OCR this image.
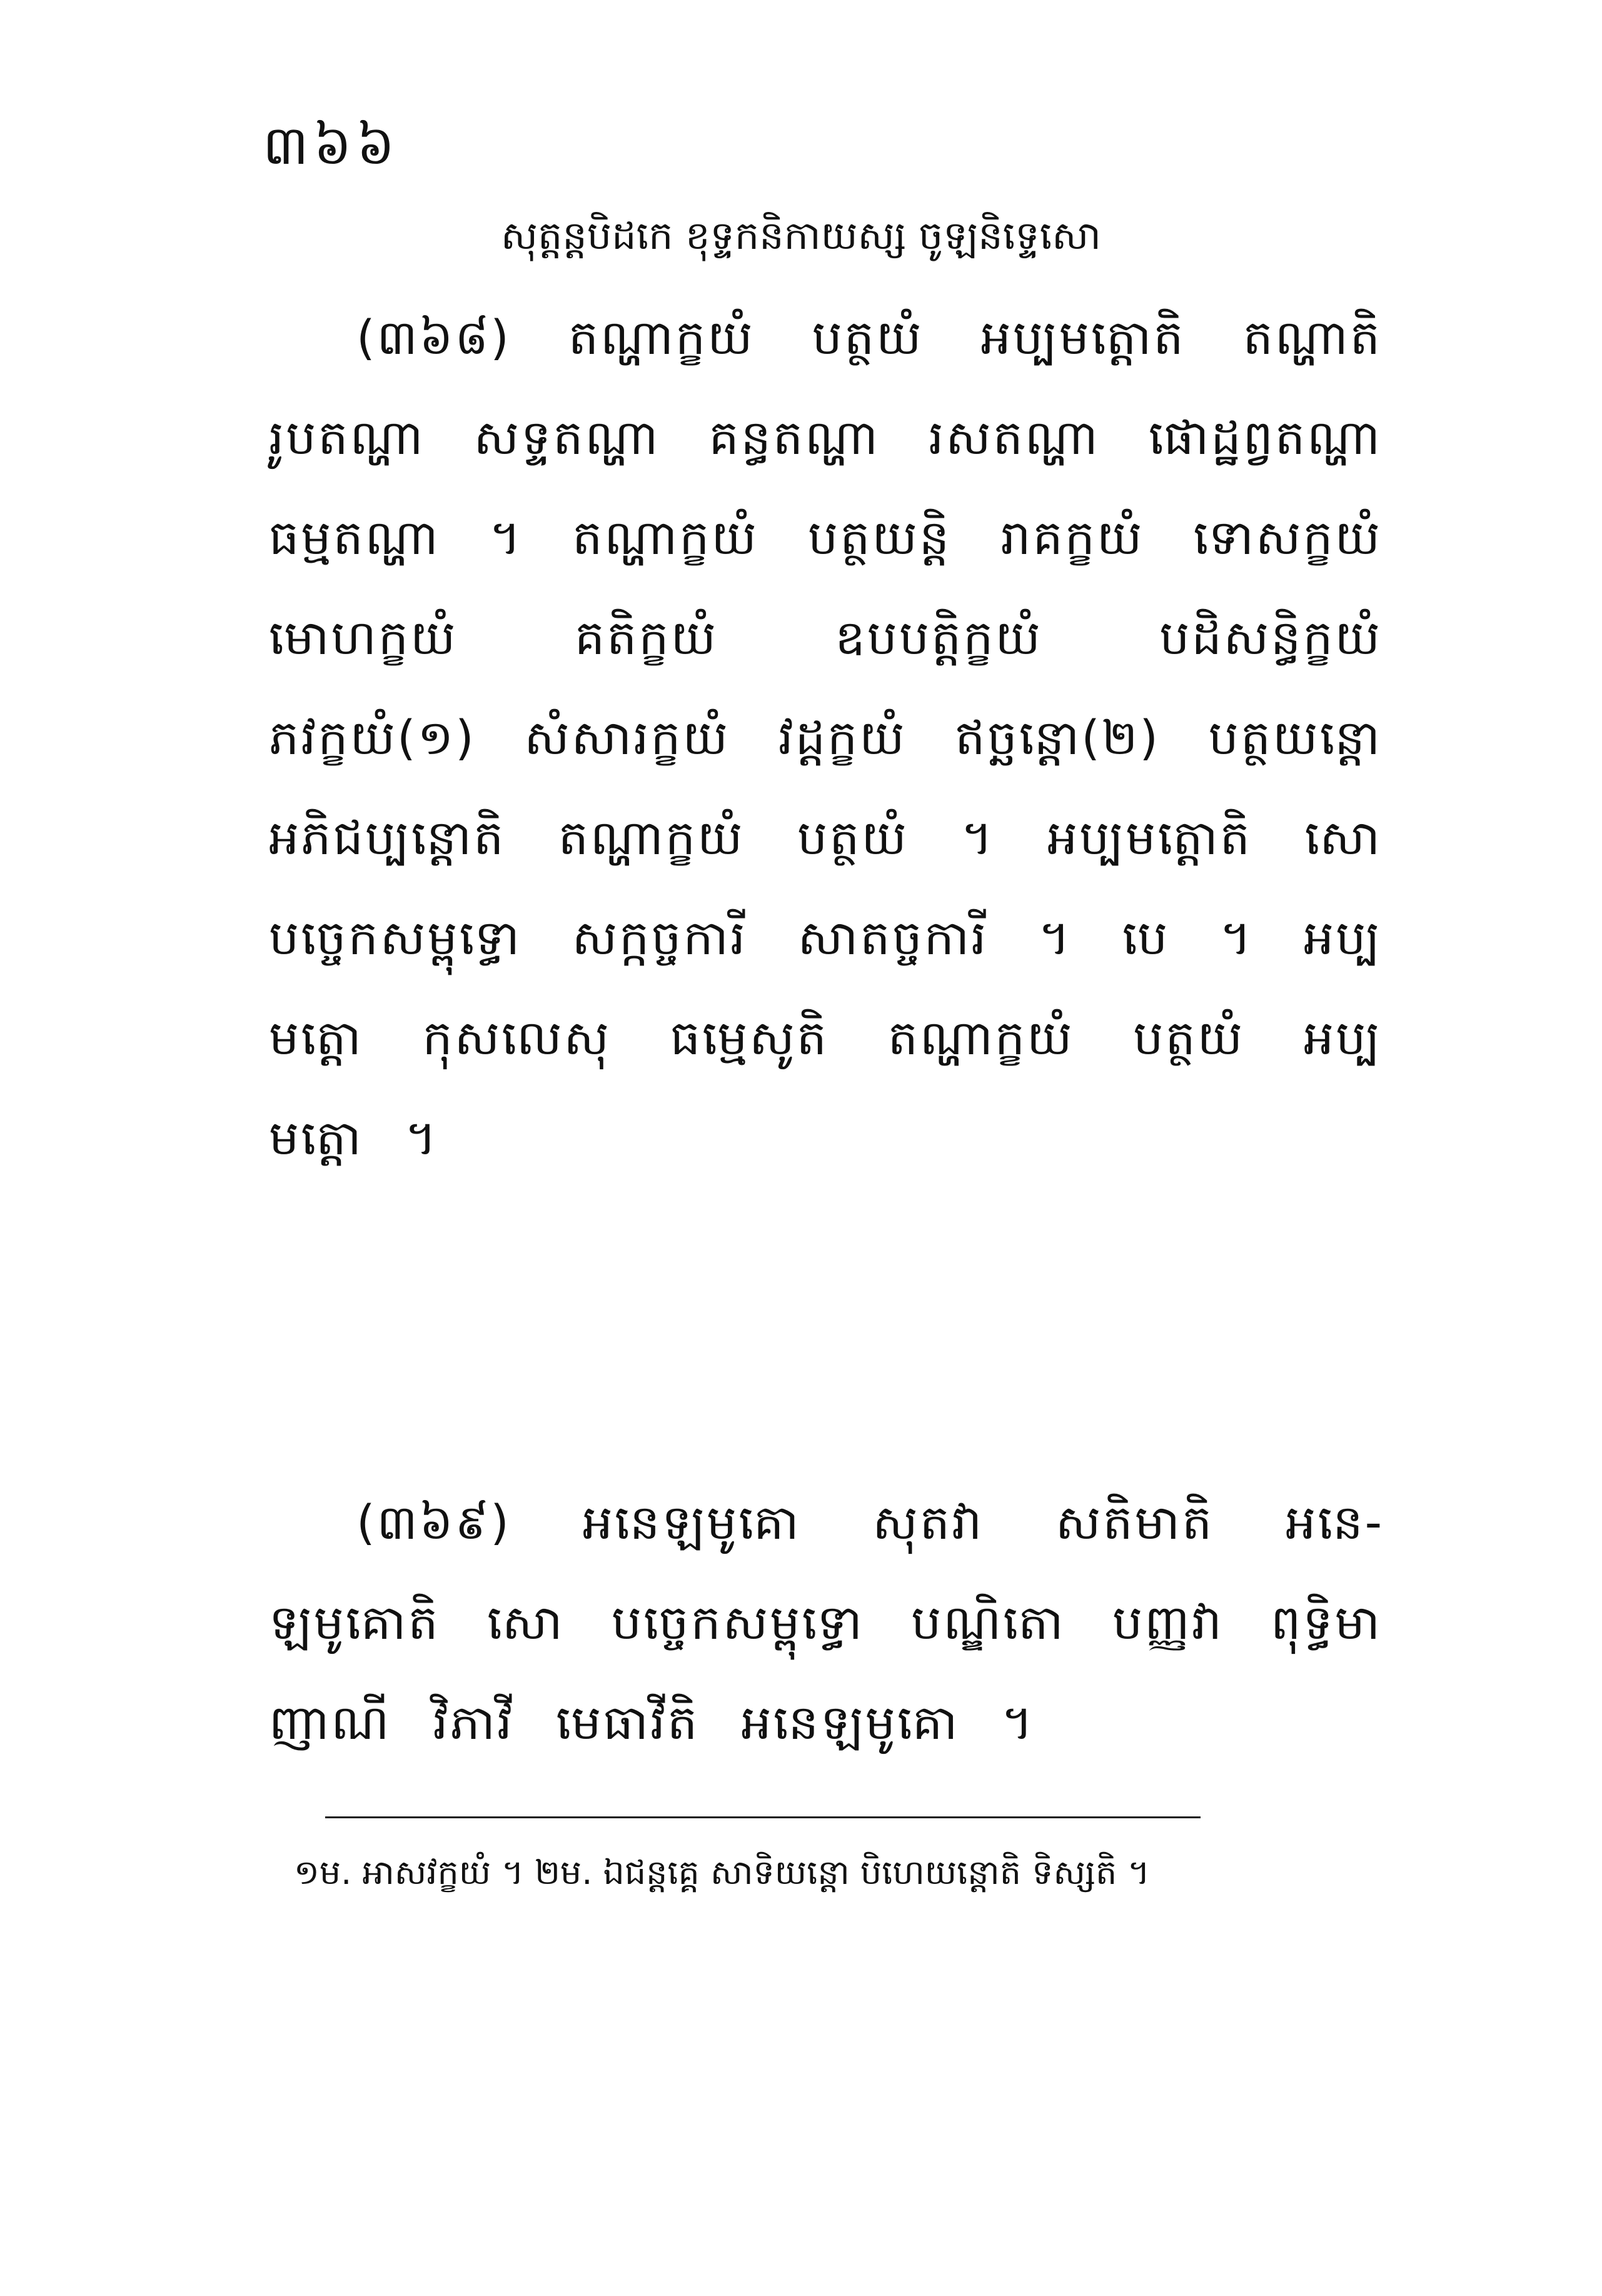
៣៦៦
សុត្តន្តបិដកេ ខុទ្ទកនិកាយស្ស ចូឡនិទ្ទេសោ

(៣៦៨) តណ្ហាក្ខយំ បត្ថយំ អប្បមត្តោតិ តណ្ហាតិ រូបតណ្ហា សទ្ទតណ្ហា គន្ធតណ្ហា រសតណ្ហា ផោដ្ឋព្វតណ្ហា ធម្មតណ្ហា ។ តណ្ហាក្ខយំ បត្ថយន្តិ រាគក្ខយំ ទោសក្ខយំ មោហក្ខយំ គតិក្ខយំ ឧបបត្តិក្ខយំ បដិសន្ធិក្ខយំ ភវក្ខយំ(១) សំសារក្ខយំ វដ្ដក្ខយំ ឥច្ឆន្តោ(២) បត្ថយន្តោ អភិជប្បន្តោតិ តណ្ហាក្ខយំ បត្ថយំ ។ អប្បមត្តោតិ សោ បច្ចេកសម្ពុទ្ធោ សក្កច្ចការី សាតច្ចការី ។ បេ ។ អប្បមត្តោ កុសលេសុ ធម្មេសូតិ តណ្ហាក្ខយំ បត្ថយំ អប្បមត្តោ ។

(៣៦៩) អនេឡមូគោ សុតវា សតិមាតិ អនេឡមូគោតិ សោ បច្ចេកសម្ពុទ្ធោ បណ្ឌិតោ បញ្ញវា ពុទ្ធិមា ញាណី វិភាវី មេធាវីតិ អនេឡមូគោ ។

១ម. អាសវក្ខយំ ។ ២ម. ឯជន្តគ្គេ សាទិយន្តោ បិហេយន្តោតិ ទិស្សតិ ។
